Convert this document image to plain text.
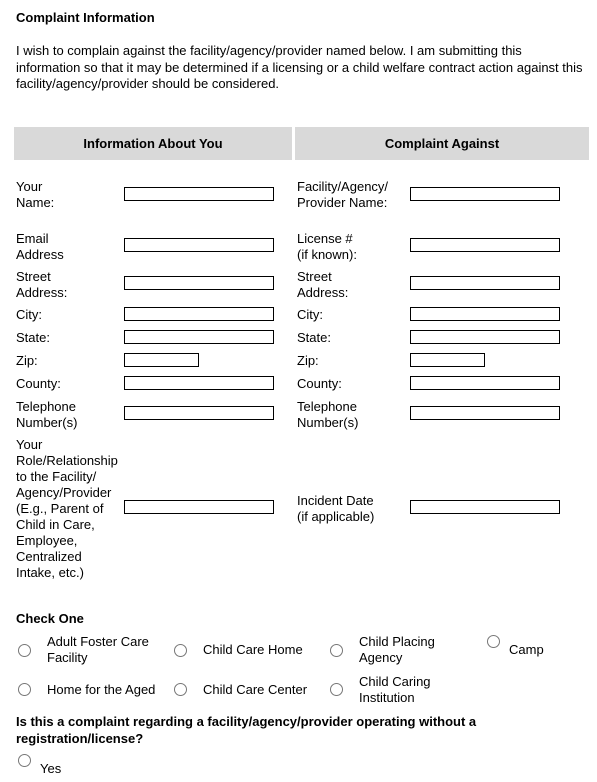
Complaint Information
I wish to complain against the facility/agency/provider named below. I am submitting this information so that it may be determined if a licensing or a child welfare contract action against this facility/agency/provider should be considered.
Information About You	Complaint Against
Your
Name:
Email
Address
Street
Address:
City:
State:
Zip:
County:
Telephone
Number(s)
Your
Role/Relationship
to the Facility/
Agency/Provider
(E.g., Parent of
Child in Care,
Employee,
Centralized
Intake, etc.)
Facility/Agency/
Provider Name:
License #
(if known):
Street
Address:
City:
State:
Zip:
County:
Telephone
Number(s)
Incident Date
(if applicable)
Check One
Adult Foster Care
Facility
Child Care Home
Child Placing
Agency
Camp
Home for the Aged	Child Care Center
Child Caring
Institution
Is this a complaint regarding a facility/agency/provider operating without a registration/license?
Yes
